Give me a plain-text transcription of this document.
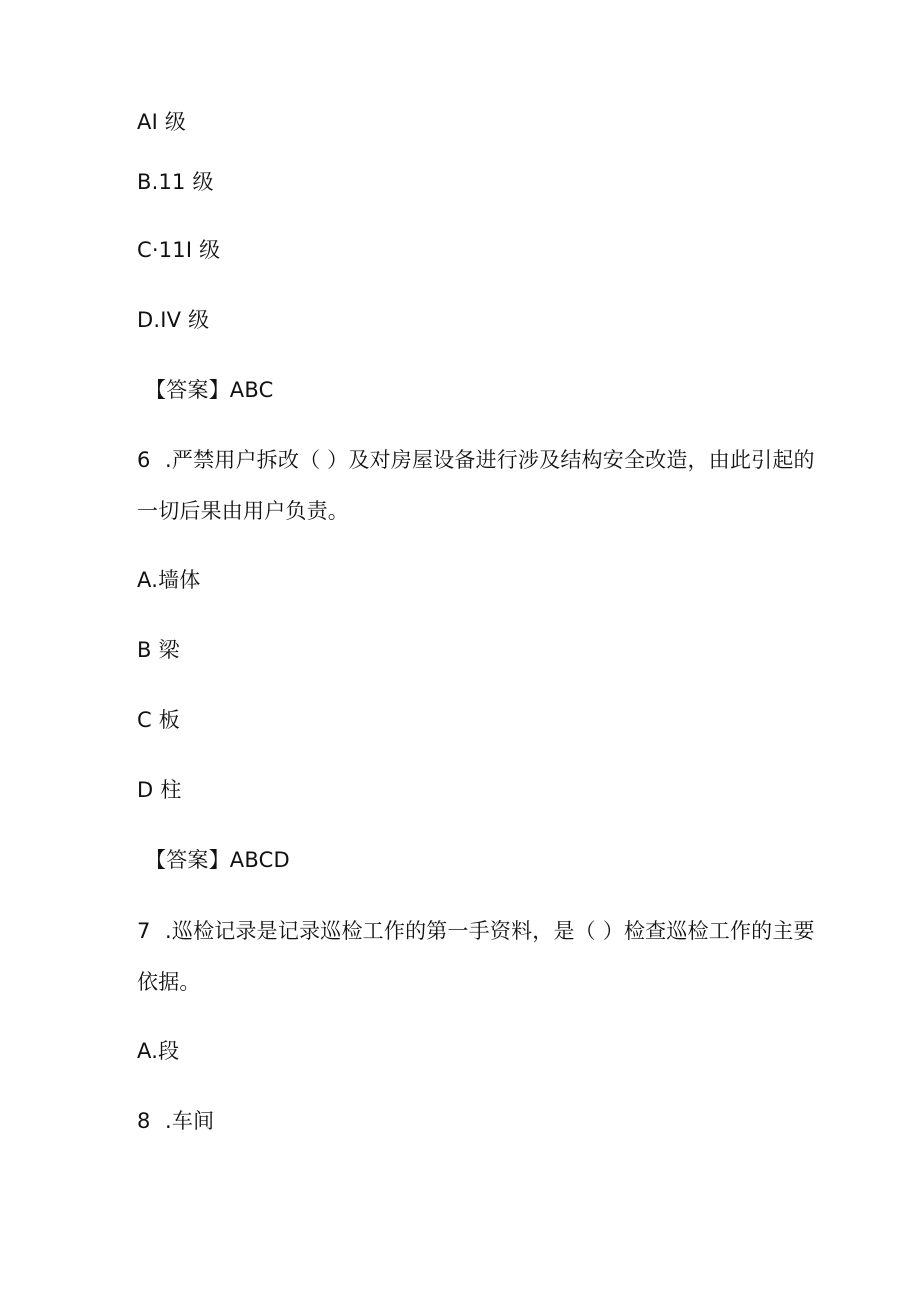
AI 级
B.11 级
C·11I 级
D.IV 级
【答案】ABC
6 .严禁用户拆改（ ）及对房屋设备进行涉及结构安全改造，由此引起的
一切后果由用户负责。
A.墙体
B 梁
C 板
D 柱
【答案】ABCD
7 .巡检记录是记录巡检工作的第一手资料，是（ ）检查巡检工作的主要
依据。
A.段
8 .车间
